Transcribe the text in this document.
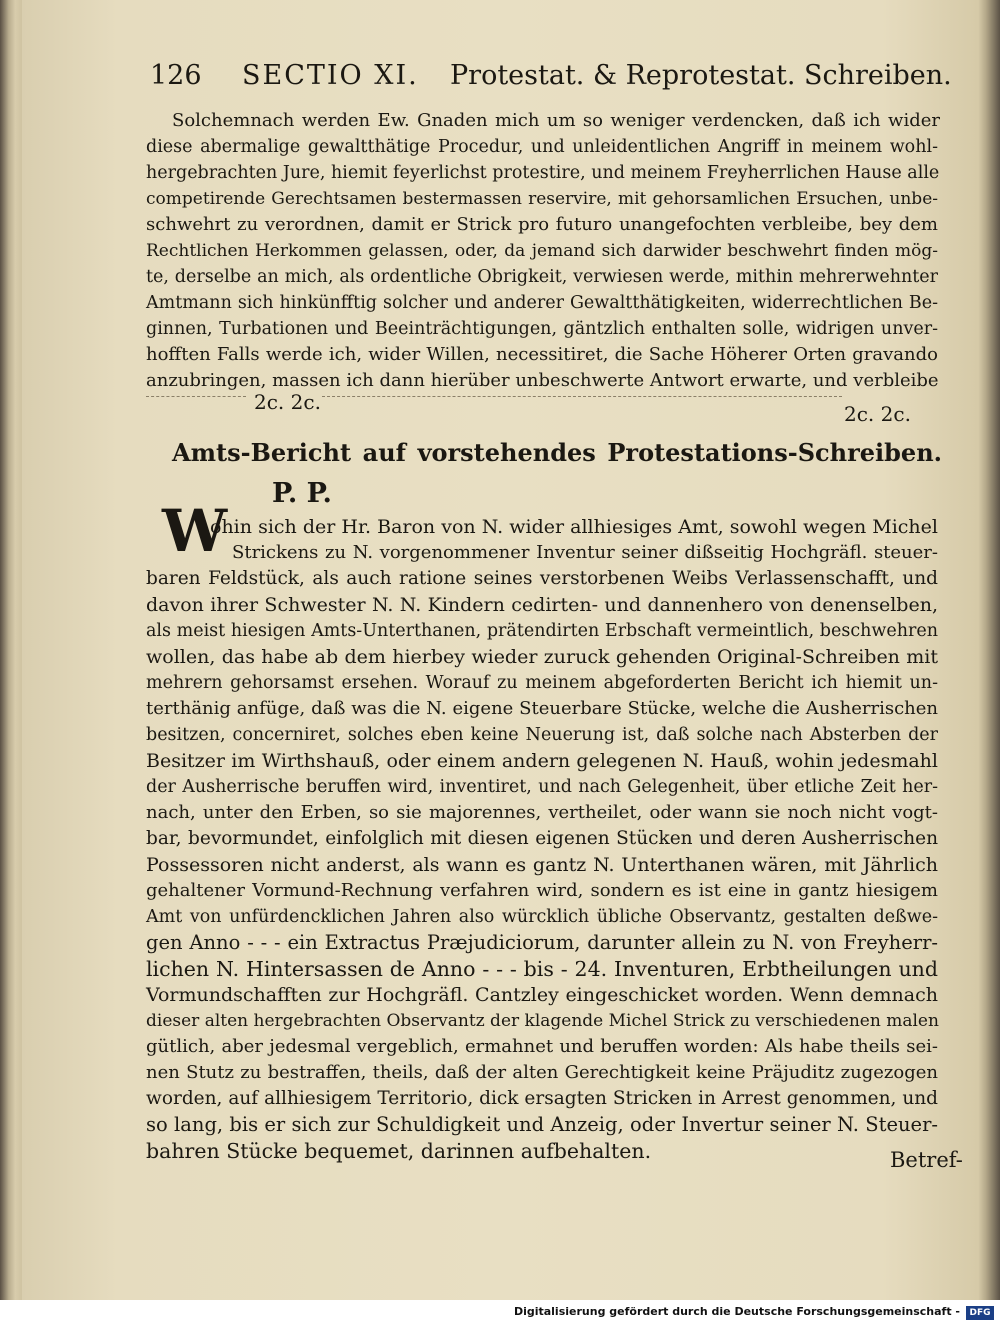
126 SECTIO XI. Protestat. & Reprotestat. Schreiben.
Solchemnach werden Ew. Gnaden mich um so weniger verdencken, daß ich wider
diese abermalige gewaltthätige Procedur, und unleidentlichen Angriff in meinem wohl-
hergebrachten Jure, hiemit feyerlichst protestire, und meinem Freyherrlichen Hause alle
competirende Gerechtsamen bestermassen reservire, mit gehorsamlichen Ersuchen, unbe-
schwehrt zu verordnen, damit er Strick pro futuro unangefochten verbleibe, bey dem
Rechtlichen Herkommen gelassen, oder, da jemand sich darwider beschwehrt finden mög-
te, derselbe an mich, als ordentliche Obrigkeit, verwiesen werde, mithin mehrerwehnter
Amtmann sich hinkünfftig solcher und anderer Gewaltthätigkeiten, widerrechtlichen Be-
ginnen, Turbationen und Beeinträchtigungen, gäntzlich enthalten solle, widrigen unver-
hofften Falls werde ich, wider Willen, necessitiret, die Sache Höherer Orten gravando
anzubringen, massen ich dann hierüber unbeschwerte Antwort erwarte, und verbleibe
2c. 2c.	2c. 2c.
Amts-Bericht auf vorstehendes Protestations-Schreiben.
P. P.
W
ohin sich der Hr. Baron von N. wider allhiesiges Amt, sowohl wegen Michel
Strickens zu N. vorgenommener Inventur seiner dißseitig Hochgräfl. steuer-
baren Feldstück, als auch ratione seines verstorbenen Weibs Verlassenschafft, und
davon ihrer Schwester N. N. Kindern cedirten- und dannenhero von denenselben,
als meist hiesigen Amts-Unterthanen, prätendirten Erbschaft vermeintlich, beschwehren
wollen, das habe ab dem hierbey wieder zuruck gehenden Original-Schreiben mit
mehrern gehorsamst ersehen. Worauf zu meinem abgeforderten Bericht ich hiemit un-
terthänig anfüge, daß was die N. eigene Steuerbare Stücke, welche die Ausherrischen
besitzen, concerniret, solches eben keine Neuerung ist, daß solche nach Absterben der
Besitzer im Wirthshauß, oder einem andern gelegenen N. Hauß, wohin jedesmahl
der Ausherrische beruffen wird, inventiret, und nach Gelegenheit, über etliche Zeit her-
nach, unter den Erben, so sie majorennes, vertheilet, oder wann sie noch nicht vogt-
bar, bevormundet, einfolglich mit diesen eigenen Stücken und deren Ausherrischen
Possessoren nicht anderst, als wann es gantz N. Unterthanen wären, mit Jährlich
gehaltener Vormund-Rechnung verfahren wird, sondern es ist eine in gantz hiesigem
Amt von unfürdencklichen Jahren also würcklich übliche Observantz, gestalten deßwe-
gen Anno - - - ein Extractus Præjudiciorum, darunter allein zu N. von Freyherr-
lichen N. Hintersassen de Anno - - - bis - 24. Inventuren, Erbtheilungen und
Vormundschafften zur Hochgräfl. Cantzley eingeschicket worden. Wenn demnach
dieser alten hergebrachten Observantz der klagende Michel Strick zu verschiedenen malen
gütlich, aber jedesmal vergeblich, ermahnet und beruffen worden: Als habe theils sei-
nen Stutz zu bestraffen, theils, daß der alten Gerechtigkeit keine Präjuditz zugezogen
worden, auf allhiesigem Territorio, dick ersagten Stricken in Arrest genommen, und
so lang, bis er sich zur Schuldigkeit und Anzeig, oder Invertur seiner N. Steuer-
bahren Stücke bequemet, darinnen aufbehalten.	Betref-
Digitalisierung gefördert durch die Deutsche Forschungsgemeinschaft -	DFG
